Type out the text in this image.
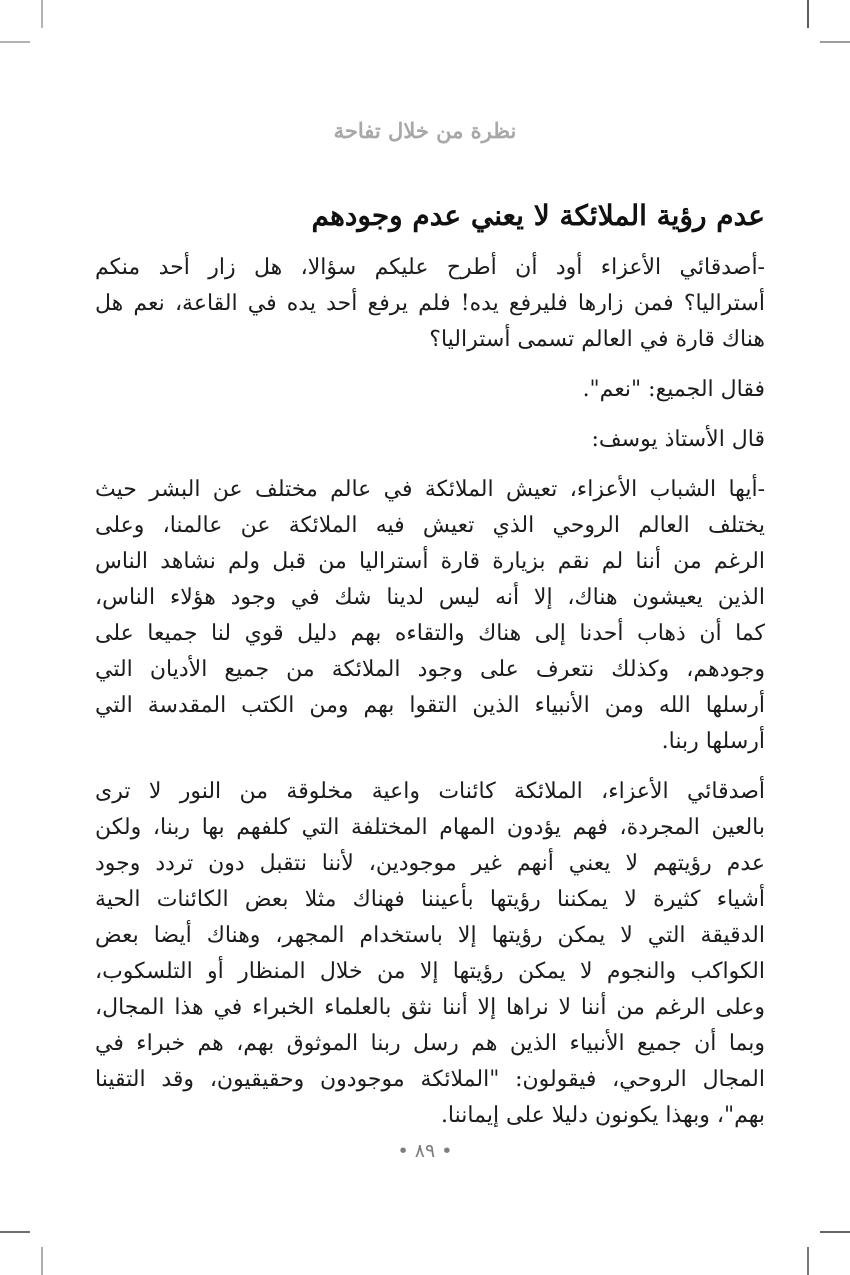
نظرة من خلال تفاحة
عدم رؤية الملائكة لا يعني عدم وجودهم
-أصدقائي الأعزاء أود أن أطرح عليكم سؤالا، هل زار أحد منكم
أستراليا؟ فمن زارها فليرفع يده! فلم يرفع أحد يده في القاعة، نعم هل
هناك قارة في العالم تسمى أستراليا؟
فقال الجميع: "نعم".
قال الأستاذ يوسف:
-أيها الشباب الأعزاء، تعيش الملائكة في عالم مختلف عن البشر حيث
يختلف العالم الروحي الذي تعيش فيه الملائكة عن عالمنا، وعلى
الرغم من أننا لم نقم بزيارة قارة أستراليا من قبل ولم نشاهد الناس
الذين يعيشون هناك، إلا أنه ليس لدينا شك في وجود هؤلاء الناس،
كما أن ذهاب أحدنا إلى هناك والتقاءه بهم دليل قوي لنا جميعا على
وجودهم، وكذلك نتعرف على وجود الملائكة من جميع الأديان التي
أرسلها الله ومن الأنبياء الذين التقوا بهم ومن الكتب المقدسة التي
أرسلها ربنا.
أصدقائي الأعزاء، الملائكة كائنات واعية مخلوقة من النور لا ترى
بالعين المجردة، فهم يؤدون المهام المختلفة التي كلفهم بها ربنا، ولكن
عدم رؤيتهم لا يعني أنهم غير موجودين، لأننا نتقبل دون تردد وجود
أشياء كثيرة لا يمكننا رؤيتها بأعيننا فهناك مثلا بعض الكائنات الحية
الدقيقة التي لا يمكن رؤيتها إلا باستخدام المجهر، وهناك أيضا بعض
الكواكب والنجوم لا يمكن رؤيتها إلا من خلال المنظار أو التلسكوب،
وعلى الرغم من أننا لا نراها إلا أننا نثق بالعلماء الخبراء في هذا المجال،
وبما أن جميع الأنبياء الذين هم رسل ربنا الموثوق بهم، هم خبراء في
المجال الروحي، فيقولون: "الملائكة موجودون وحقيقيون، وقد التقينا
بهم"، وبهذا يكونون دليلا على إيماننا.
• ٨٩ •
